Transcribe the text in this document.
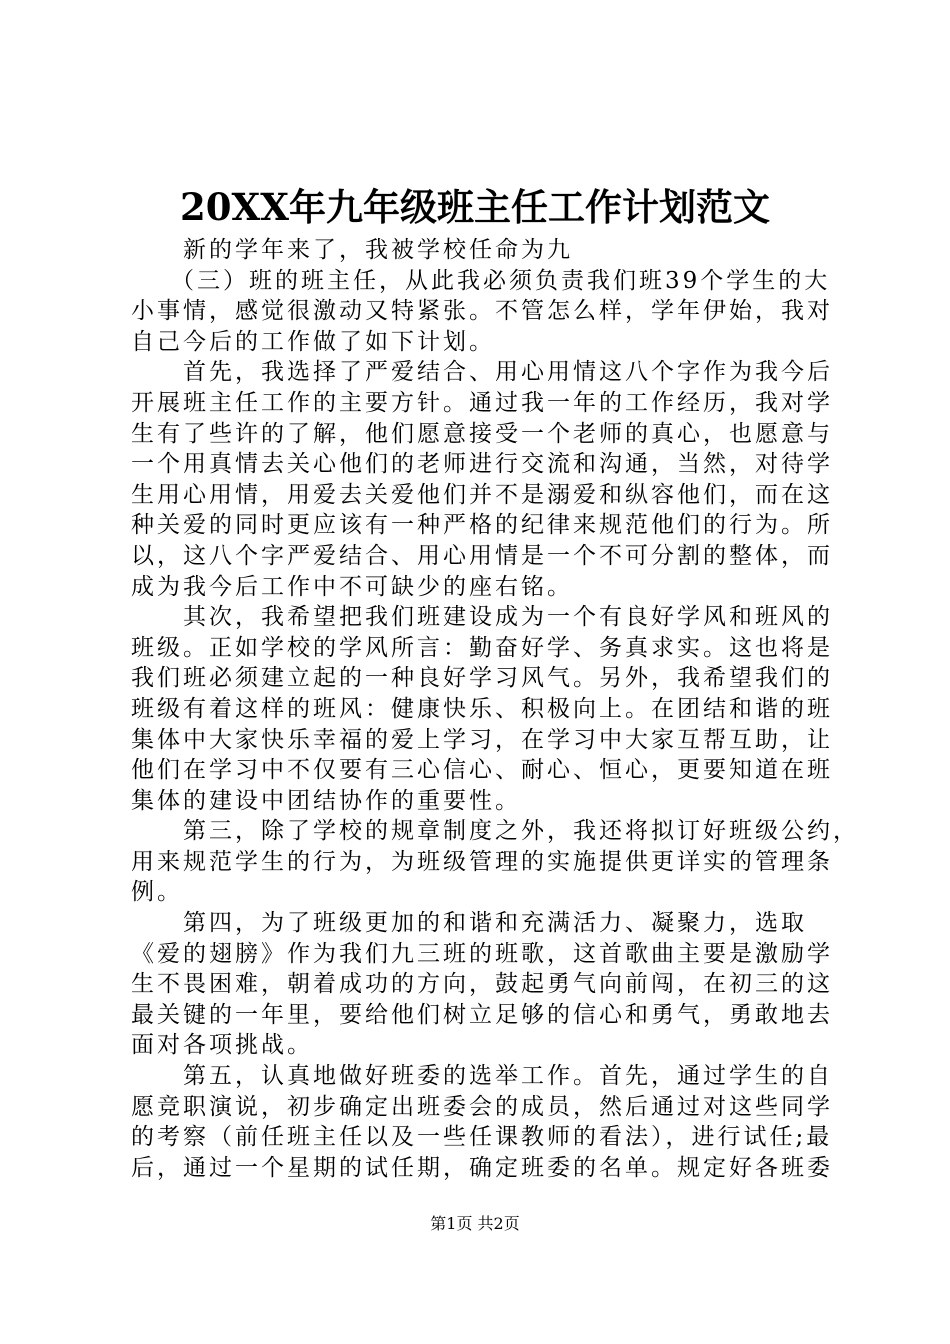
20XX年九年级班主任工作计划范文
新的学年来了，我被学校任命为九
（三）班的班主任，从此我必须负责我们班39个学生的大
小事情，感觉很激动又特紧张。不管怎么样，学年伊始，我对
自己今后的工作做了如下计划。
首先，我选择了严爱结合、用心用情这八个字作为我今后
开展班主任工作的主要方针。通过我一年的工作经历，我对学
生有了些许的了解，他们愿意接受一个老师的真心，也愿意与
一个用真情去关心他们的老师进行交流和沟通，当然，对待学
生用心用情，用爱去关爱他们并不是溺爱和纵容他们，而在这
种关爱的同时更应该有一种严格的纪律来规范他们的行为。所
以，这八个字严爱结合、用心用情是一个不可分割的整体，而
成为我今后工作中不可缺少的座右铭。
其次，我希望把我们班建设成为一个有良好学风和班风的
班级。正如学校的学风所言：勤奋好学、务真求实。这也将是
我们班必须建立起的一种良好学习风气。另外，我希望我们的
班级有着这样的班风：健康快乐、积极向上。在团结和谐的班
集体中大家快乐幸福的爱上学习，在学习中大家互帮互助，让
他们在学习中不仅要有三心信心、耐心、恒心，更要知道在班
集体的建设中团结协作的重要性。
第三，除了学校的规章制度之外，我还将拟订好班级公约，
用来规范学生的行为，为班级管理的实施提供更详实的管理条
例。
第四，为了班级更加的和谐和充满活力、凝聚力，选取
《爱的翅膀》作为我们九三班的班歌，这首歌曲主要是激励学
生不畏困难，朝着成功的方向，鼓起勇气向前闯，在初三的这
最关键的一年里，要给他们树立足够的信心和勇气，勇敢地去
面对各项挑战。
第五，认真地做好班委的选举工作。首先，通过学生的自
愿竞职演说，初步确定出班委会的成员，然后通过对这些同学
的考察（前任班主任以及一些任课教师的看法），进行试任;最
后，通过一个星期的试任期，确定班委的名单。规定好各班委
第1页 共2页
